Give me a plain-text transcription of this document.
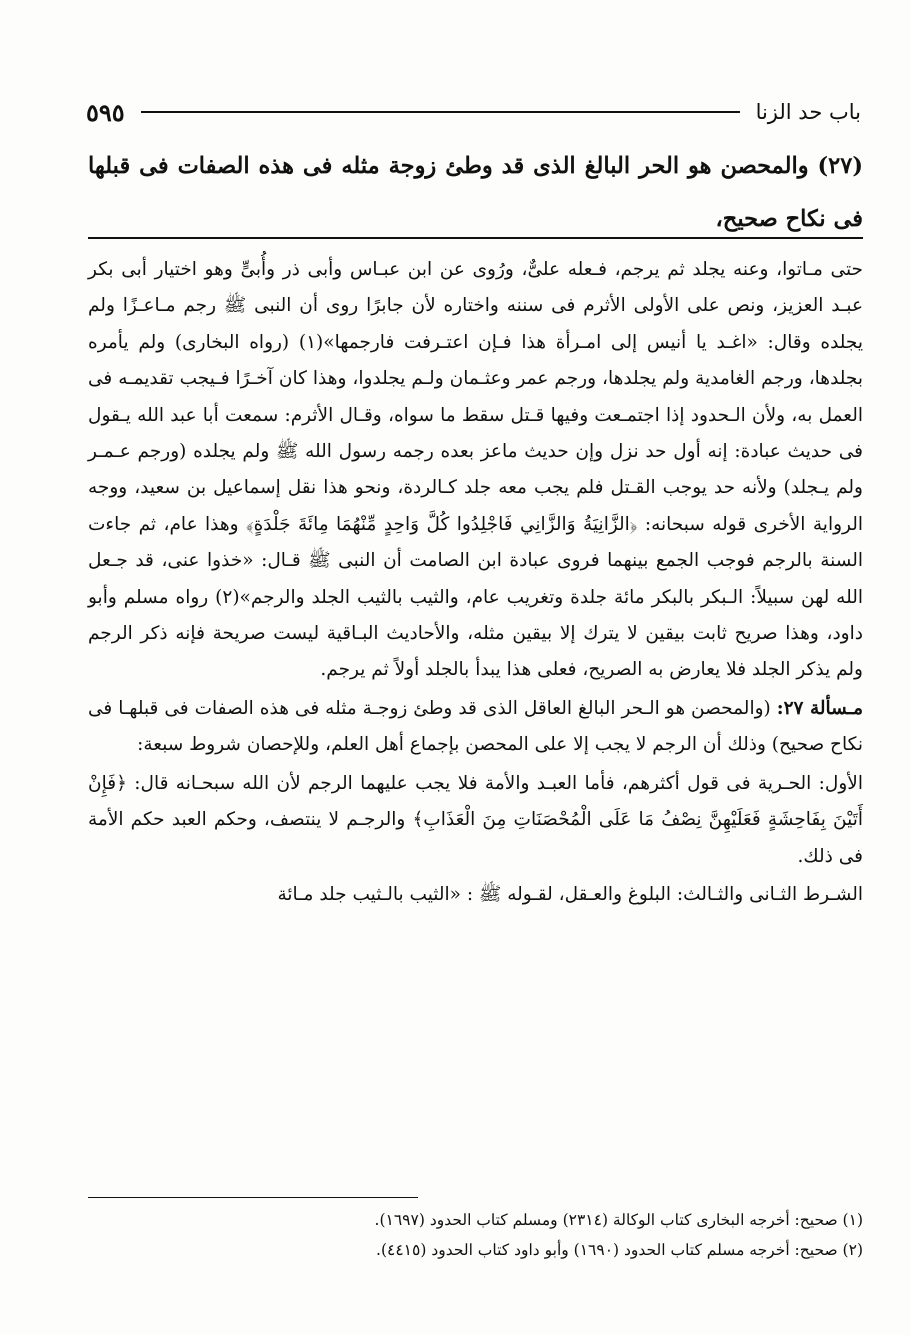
باب حد الزنا
٥٩٥
(٢٧) والمحصن هو الحر البالغ الذى قد وطئ زوجة مثله فى هذه الصفات فى قبلها فى نكاح صحيح،

حتى مـاتوا، وعنه يجلد ثم يرجم، فـعله علىٌّ، ورُوى عن ابن عبـاس وأبى ذر وأُبىٍّ وهو اختيار أبى بكر عبـد العزيز، ونص على الأولى الأثرم فى سننه واختاره لأن جابرًا روى أن النبى ﷺ رجم مـاعـزًا ولم يجلده وقال: «اغـد يا أنيس إلى امـرأة هذا فـإن اعتـرفت فارجمها»(١) (رواه البخارى) ولم يأمره بجلدها، ورجم الغامدية ولم يجلدها، ورجم عمر وعثـمان ولـم يجلدوا، وهذا كان آخـرًا فـيجب تقديمـه فى العمل به، ولأن الـحدود إذا اجتمـعت وفيها قـتل سقط ما سواه، وقـال الأثرم: سمعت أبا عبد الله يـقول فى حديث عبادة: إنه أول حد نزل وإن حديث ماعز بعده رجمه رسول الله ﷺ ولم يجلده (ورجم عـمـر ولم يـجلد) ولأنه حد يوجب القـتل فلم يجب معه جلد كـالردة، ونحو هذا نقل إسماعيل بن سعيد، ووجه الرواية الأخرى قوله سبحانه: ﴿الزَّانِيَةُ وَالزَّانِي فَاجْلِدُوا كُلَّ وَاحِدٍ مِّنْهُمَا مِائَةَ جَلْدَةٍ﴾ وهذا عام، ثم جاءت السنة بالرجم فوجب الجمع بينهما فروى عبادة ابن الصامت أن النبى ﷺ قـال: «خذوا عنى، قد جـعل الله لهن سبيلاً: الـبكر بالبكر مائة جلدة وتغريب عام، والثيب بالثيب الجلد والرجم»(٢) رواه مسلم وأبو داود، وهذا صريح ثابت بيقين لا يترك إلا بيقين مثله، والأحاديث البـاقية ليست صريحة فإنه ذكر الرجم ولم يذكر الجلد فلا يعارض به الصريح، فعلى هذا يبدأ بالجلد أولاً ثم يرجم.

مـسألة ٢٧: (والمحصن هو الـحر البالغ العاقل الذى قد وطئ زوجـة مثله فى هذه الصفات فى قبلهـا فى نكاح صحيح) وذلك أن الرجم لا يجب إلا على المحصن بإجماع أهل العلم، وللإحصان شروط سبعة:

الأول: الحـرية فى قول أكثرهم، فأما العبـد والأمة فلا يجب عليهما الرجم لأن الله سبحـانه قال: ﴿فَإِنْ أَتَيْنَ بِفَاحِشَةٍ فَعَلَيْهِنَّ نِصْفُ مَا عَلَى الْمُحْصَنَاتِ مِنَ الْعَذَابِ﴾ والرجـم لا ينتصف، وحكم العبد حكم الأمة فى ذلك.

الشـرط الثـانى والثـالث: البلوغ والعـقل، لقـوله ﷺ : «الثيب بالـثيب جلد مـائة

(١) صحيح: أخرجه البخارى كتاب الوكالة (٢٣١٤) ومسلم كتاب الحدود (١٦٩٧).
(٢) صحيح: أخرجه مسلم كتاب الحدود (١٦٩٠) وأبو داود كتاب الحدود (٤٤١٥).
